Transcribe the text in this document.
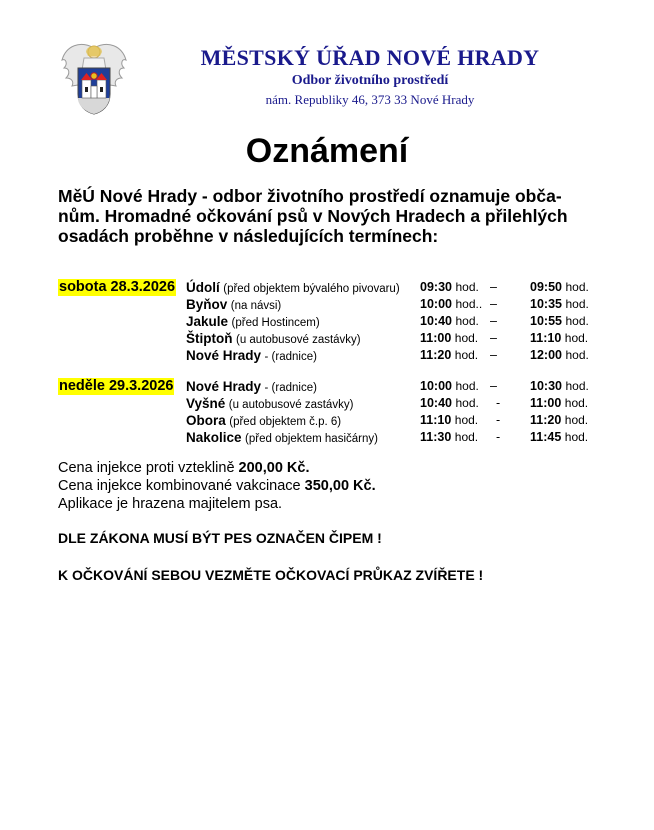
MĚSTSKÝ ÚŘAD NOVÉ HRADY
Odbor životního prostředí
nám. Republiky 46, 373 33 Nové Hrady
Oznámení
MěÚ Nové Hrady - odbor životního prostředí oznamuje obča-
nům. Hromadné očkování psů v Nových Hradech a přilehlých
osadách proběhne v následujících termínech:
sobota 28.3.2026 Údolí (před objektem bývalého pivovaru) 09:30 hod. –	09:50 hod.
Byňov (na návsi)	10:00 hod.. –	10:35 hod.
Jakule (před Hostincem)	10:40 hod. –	10:55 hod.
Štiptoň (u autobusové zastávky)	11:00 hod. –	11:10 hod.
Nové Hrady - (radnice)	11:20 hod. –	12:00 hod.
neděle 29.3.2026 Nové Hrady - (radnice)	10:00 hod. –	10:30 hod.
Vyšné (u autobusové zastávky)	10:40 hod. - 11:00 hod.
Obora (před objektem č.p. 6)	11:10 hod. - 11:20 hod.
Nakolice (před objektem hasičárny)	11:30 hod. - 11:45 hod.
Cena injekce proti vzteklině 200,00 Kč.
Cena injekce kombinované vakcinace 350,00 Kč.
Aplikace je hrazena majitelem psa.
DLE ZÁKONA MUSÍ BÝT PES OZNAČEN ČIPEM !
K OČKOVÁNÍ SEBOU VEZMĚTE OČKOVACÍ PRŮKAZ ZVÍŘETE !
